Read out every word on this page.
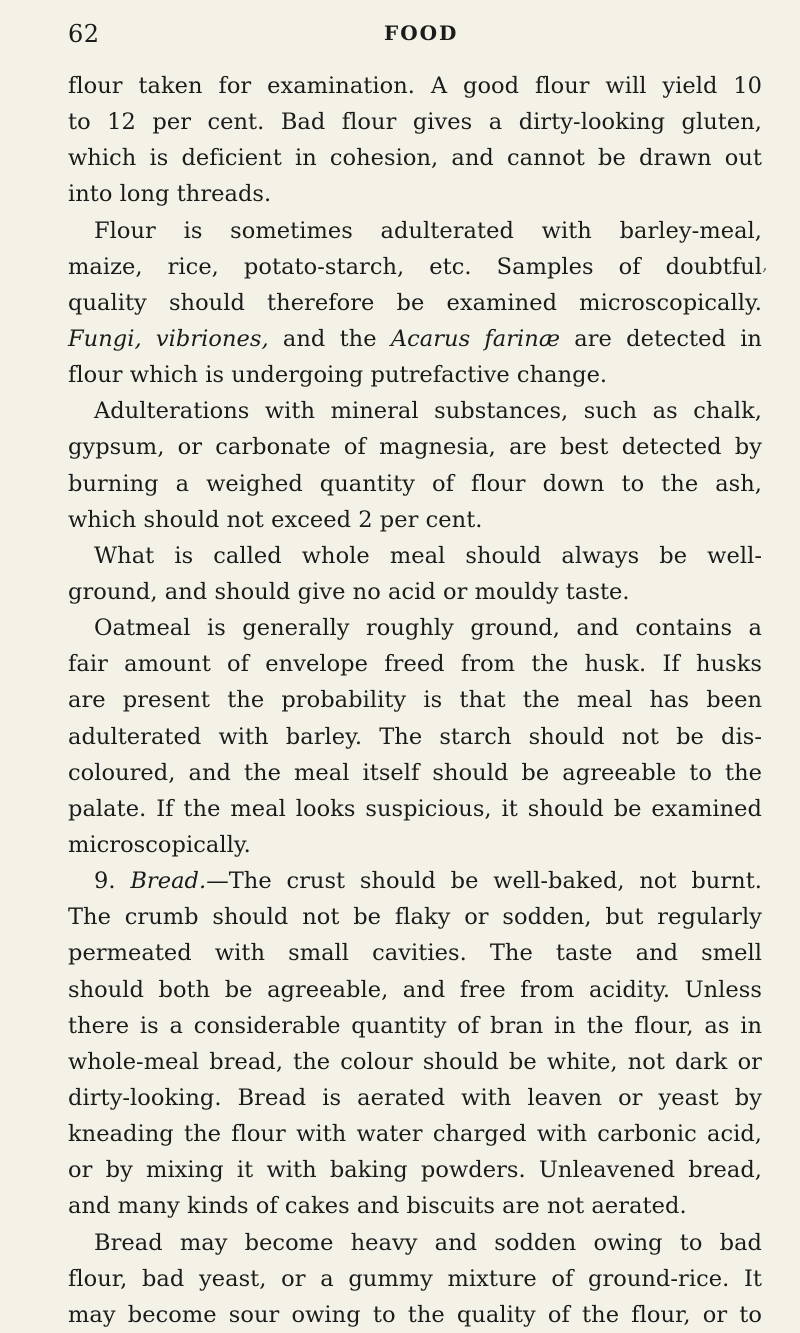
62	FOOD
,

flour taken for examination. A good flour will yield 10

to 12 per cent. Bad flour gives a dirty-looking gluten,

which is deficient in cohesion, and cannot be drawn out

into long threads.

Flour is sometimes adulterated with barley-meal,

maize, rice, potato-starch, etc. Samples of doubtful

quality should therefore be examined microscopically.

Fungi, vibriones, and the Acarus farinæ are detected in

flour which is undergoing putrefactive change.

Adulterations with mineral substances, such as chalk,

gypsum, or carbonate of magnesia, are best detected by

burning a weighed quantity of flour down to the ash,

which should not exceed 2 per cent.

What is called whole meal should always be well-

ground, and should give no acid or mouldy taste.

Oatmeal is generally roughly ground, and contains a

fair amount of envelope freed from the husk. If husks

are present the probability is that the meal has been

adulterated with barley. The starch should not be dis-

coloured, and the meal itself should be agreeable to the

palate. If the meal looks suspicious, it should be examined

microscopically.

9. Bread.—The crust should be well-baked, not burnt.

The crumb should not be flaky or sodden, but regularly

permeated with small cavities. The taste and smell

should both be agreeable, and free from acidity. Unless

there is a considerable quantity of bran in the flour, as in

whole-meal bread, the colour should be white, not dark or

dirty-looking. Bread is aerated with leaven or yeast by

kneading the flour with water charged with carbonic acid,

or by mixing it with baking powders. Unleavened bread,

and many kinds of cakes and biscuits are not aerated.

Bread may become heavy and sodden owing to bad

flour, bad yeast, or a gummy mixture of ground-rice. It

may become sour owing to the quality of the flour, or to
